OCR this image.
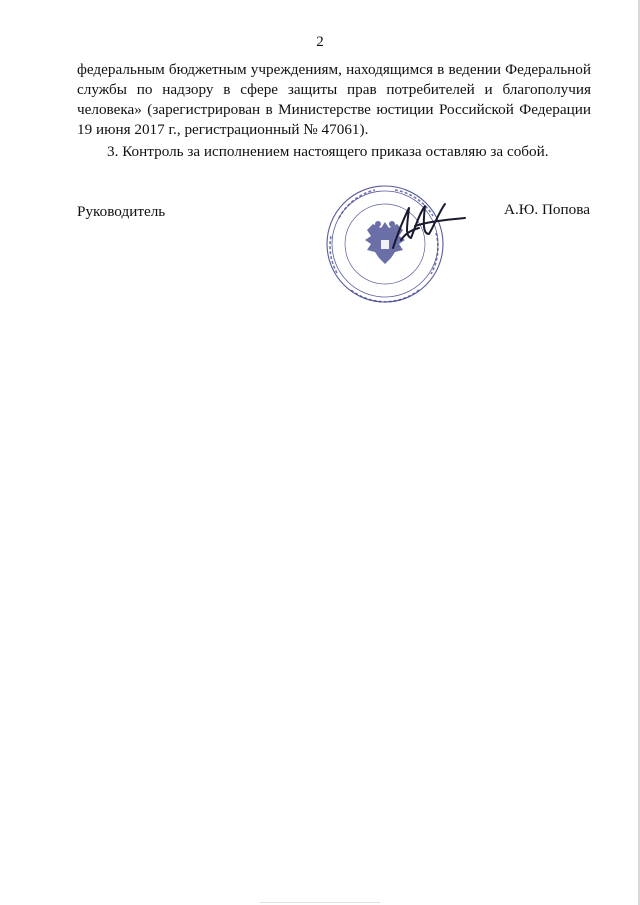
2

федеральным бюджетным учреждениям, находящимся в ведении Федеральной службы по надзору в сфере защиты прав потребителей и благополучия человека» (зарегистрирован в Министерстве юстиции Российской Федерации 19 июня 2017 г., регистрационный № 47061).

3. Контроль за исполнением настоящего приказа оставляю за собой.

Руководитель	А.Ю. Попова
